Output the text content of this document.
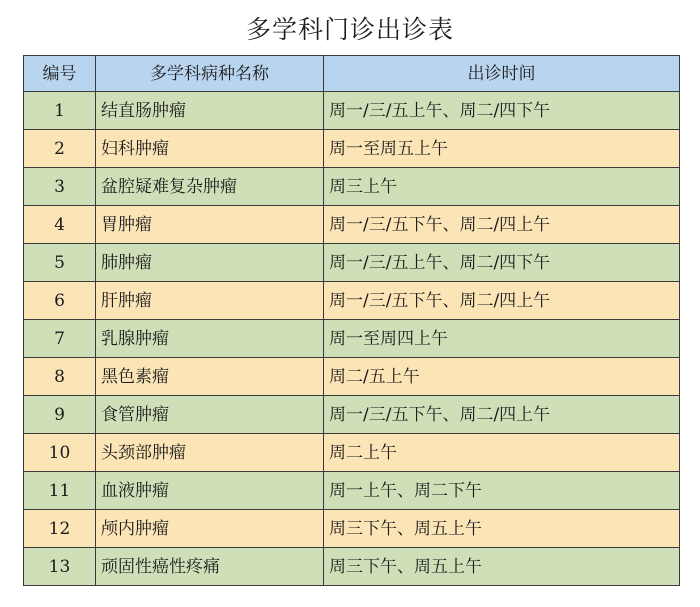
多学科门诊出诊表
编号	多学科病种名称	出诊时间
1	结直肠肿瘤	周一/三/五上午、周二/四下午
2	妇科肿瘤	周一至周五上午
3	盆腔疑难复杂肿瘤	周三上午
4	胃肿瘤	周一/三/五下午、周二/四上午
5	肺肿瘤	周一/三/五上午、周二/四下午
6	肝肿瘤	周一/三/五下午、周二/四上午
7	乳腺肿瘤	周一至周四上午
8	黑色素瘤	周二/五上午
9	食管肿瘤	周一/三/五下午、周二/四上午
10	头颈部肿瘤	周二上午
11	血液肿瘤	周一上午、周二下午
12	颅内肿瘤	周三下午、周五上午
13	顽固性癌性疼痛	周三下午、周五上午
